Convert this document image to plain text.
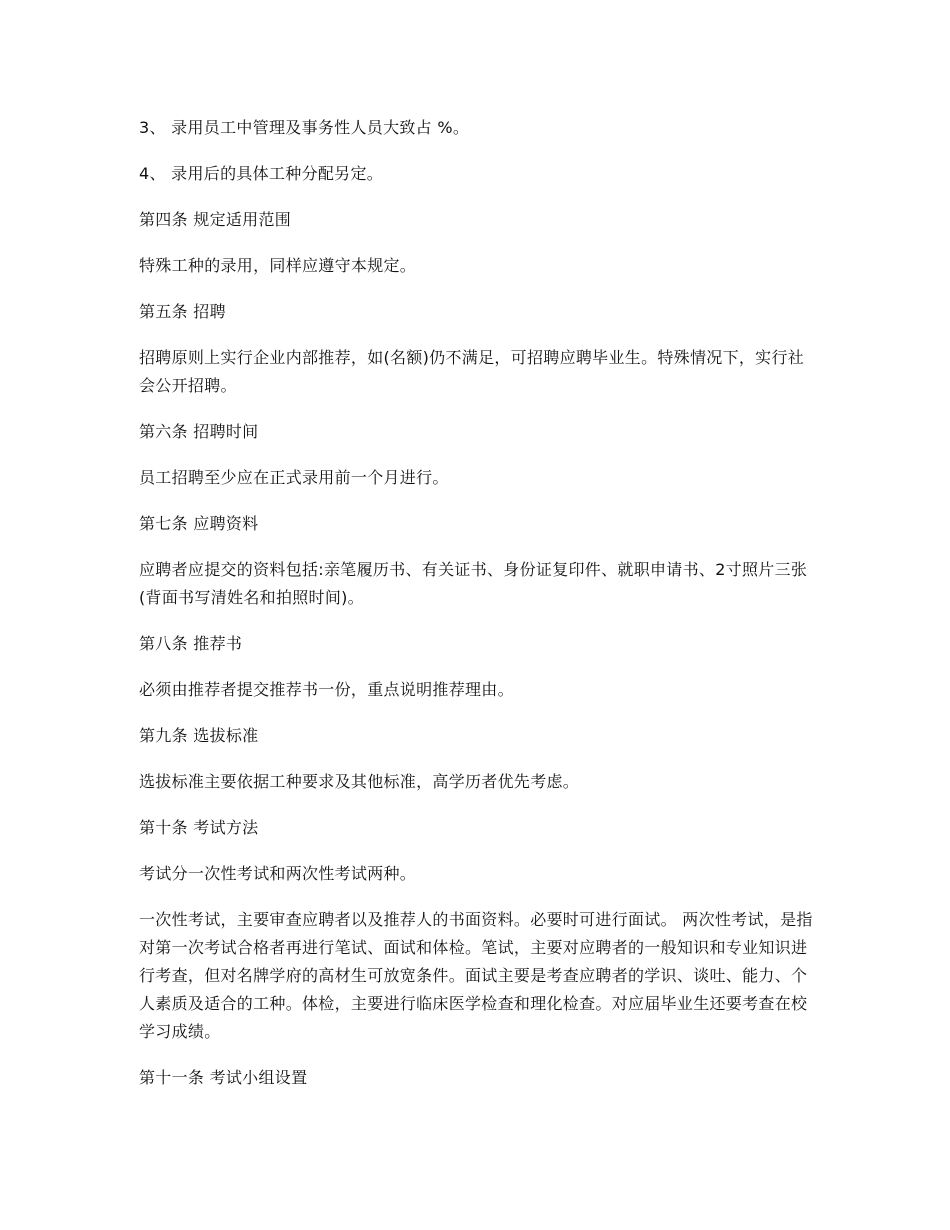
3、 录用员工中管理及事务性人员大致占 %。

4、 录用后的具体工种分配另定。

第四条 规定适用范围

特殊工种的录用，同样应遵守本规定。

第五条 招聘

招聘原则上实行企业内部推荐，如(名额)仍不满足，可招聘应聘毕业生。特殊情况下，实行社会公开招聘。

第六条 招聘时间

员工招聘至少应在正式录用前一个月进行。

第七条 应聘资料

应聘者应提交的资料包括:亲笔履历书、有关证书、身份证复印件、就职申请书、2寸照片三张(背面书写清姓名和拍照时间)。

第八条 推荐书

必须由推荐者提交推荐书一份，重点说明推荐理由。

第九条 选拔标准

选拔标准主要依据工种要求及其他标准，高学历者优先考虑。

第十条 考试方法

考试分一次性考试和两次性考试两种。

一次性考试，主要审查应聘者以及推荐人的书面资料。必要时可进行面试。 两次性考试，是指对第一次考试合格者再进行笔试、面试和体检。笔试，主要对应聘者的一般知识和专业知识进行考查，但对名牌学府的高材生可放宽条件。面试主要是考查应聘者的学识、谈吐、能力、个人素质及适合的工种。体检，主要进行临床医学检查和理化检查。对应届毕业生还要考查在校学习成绩。

第十一条 考试小组设置
